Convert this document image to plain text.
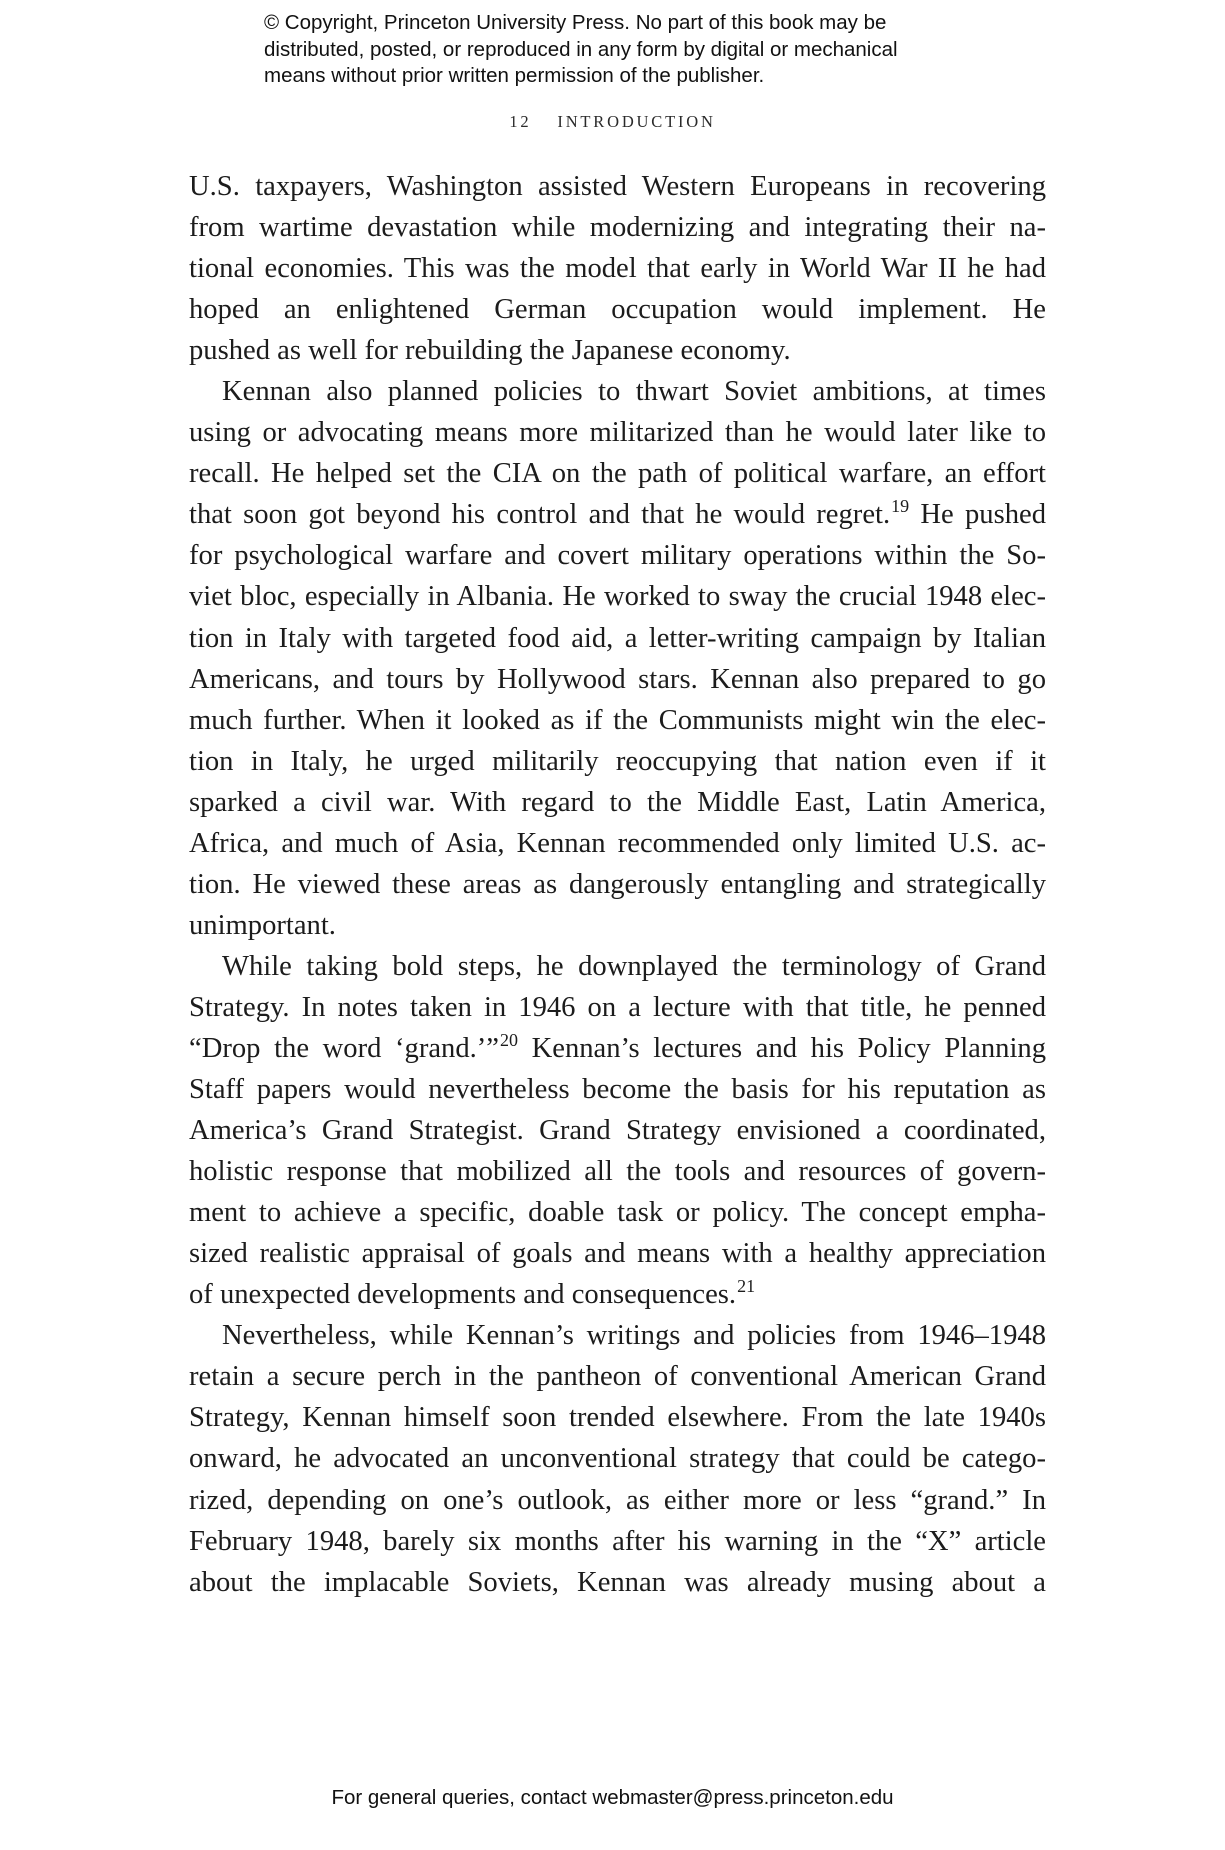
© Copyright, Princeton University Press. No part of this book may be
distributed, posted, or reproduced in any form by digital or mechanical
means without prior written permission of the publisher.
12 INTRODUCTION
U.S. taxpayers, Washington assisted Western Europeans in recovering
from wartime devastation while modernizing and integrating their na-
tional economies. This was the model that early in World War II he had
hoped an enlightened German occupation would implement. He
pushed as well for rebuilding the Japanese economy.
Kennan also planned policies to thwart Soviet ambitions, at times
using or advocating means more militarized than he would later like to
recall. He helped set the CIA on the path of political warfare, an effort
that soon got beyond his control and that he would regret.$^{19}$ He pushed
for psychological warfare and covert military operations within the So-
viet bloc, especially in Albania. He worked to sway the crucial 1948 elec-
tion in Italy with targeted food aid, a letter-writing campaign by Italian
Americans, and tours by Hollywood stars. Kennan also prepared to go
much further. When it looked as if the Communists might win the elec-
tion in Italy, he urged militarily reoccupying that nation even if it
sparked a civil war. With regard to the Middle East, Latin America,
Africa, and much of Asia, Kennan recommended only limited U.S. ac-
tion. He viewed these areas as dangerously entangling and strategically
unimportant.
While taking bold steps, he downplayed the terminology of Grand
Strategy. In notes taken in 1946 on a lecture with that title, he penned
“Drop the word ‘grand.’”$^{20}$ Kennan’s lectures and his Policy Planning
Staff papers would nevertheless become the basis for his reputation as
America’s Grand Strategist. Grand Strategy envisioned a coordinated,
holistic response that mobilized all the tools and resources of govern-
ment to achieve a specific, doable task or policy. The concept empha-
sized realistic appraisal of goals and means with a healthy appreciation
of unexpected developments and consequences.$^{21}$
Nevertheless, while Kennan’s writings and policies from 1946–1948
retain a secure perch in the pantheon of conventional American Grand
Strategy, Kennan himself soon trended elsewhere. From the late 1940s
onward, he advocated an unconventional strategy that could be catego-
rized, depending on one’s outlook, as either more or less “grand.” In
February 1948, barely six months after his warning in the “X” article
about the implacable Soviets, Kennan was already musing about a
For general queries, contact webmaster@press.princeton.edu
